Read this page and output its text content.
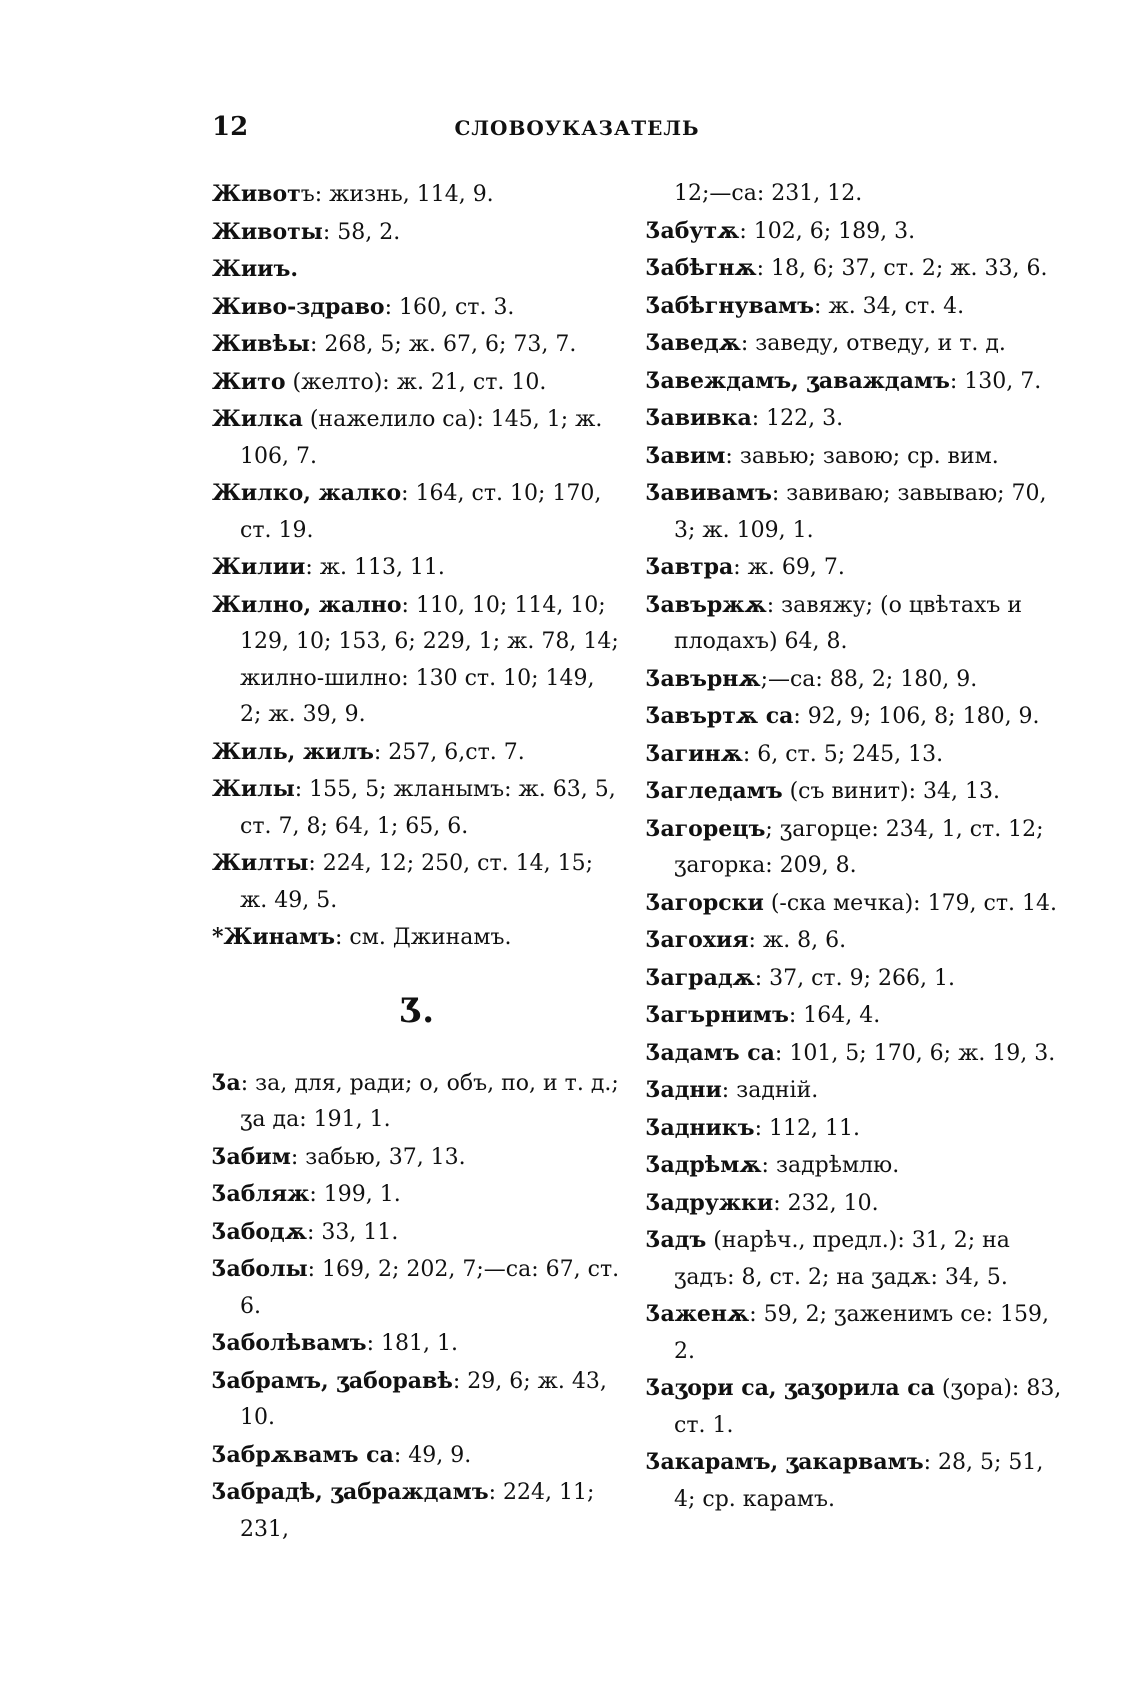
12	СЛОВОУКАЗАТЕЛЬ

Животъ: жизнь, 114, 9.

Животы: 58, 2.

Жииъ.

Живо-здраво: 160, ст. 3.

Живѣы: 268, 5; ж. 67, 6; 73, 7.

Жито (желто): ж. 21, ст. 10.

Жилка (нажелило са): 145, 1; ж. 106, 7.

Жилко, жалко: 164, ст. 10; 170, ст. 19.

Жилии: ж. 113, 11.

Жилно, жално: 110, 10; 114, 10; 129, 10; 153, 6; 229, 1; ж. 78, 14; жилно-шилно: 130 ст. 10; 149, 2; ж. 39, 9.

Жиль, жилъ: 257, 6,ст. 7.

Жилы: 155, 5; жланымъ: ж. 63, 5, ст. 7, 8; 64, 1; 65, 6.

Жилты: 224, 12; 250, ст. 14, 15; ж. 49, 5.

*Жинамъ: см. Джинамъ.

Ʒ.

Ʒа: за, для, ради; о, объ, по, и т. д.; ʒа да: 191, 1.

Ʒабим: забью, 37, 13.

Ʒабляж: 199, 1.

Ʒабодѫ: 33, 11.

Ʒаболы: 169, 2; 202, 7;—са: 67, ст. 6.

Ʒаболѣвамъ: 181, 1.

Ʒабрамъ, ʒаборавѣ: 29, 6; ж. 43, 10.

Ʒабрѫвамъ са: 49, 9.

Ʒабрадѣ, ʒабраждамъ: 224, 11; 231,

12;—са: 231, 12.

Ʒабутѫ: 102, 6; 189, 3.

Ʒабѣгнѫ: 18, 6; 37, ст. 2; ж. 33, 6.

Ʒабѣгнувамъ: ж. 34, ст. 4.

Ʒаведѫ: заведу, отведу, и т. д.

Ʒавеждамъ, ʒаваждамъ: 130, 7.

Ʒавивка: 122, 3.

Ʒавим: завью; завою; ср. вим.

Ʒавивамъ: завиваю; завываю; 70, 3; ж. 109, 1.

Ʒавтра: ж. 69, 7.

Ʒавържѫ: завяжу; (о цвѣтахъ и плодахъ) 64, 8.

Ʒавърнѫ;—са: 88, 2; 180, 9.

Ʒавъртѫ са: 92, 9; 106, 8; 180, 9.

Ʒагинѫ: 6, ст. 5; 245, 13.

Ʒагледамъ (съ винит): 34, 13.

Ʒагорецъ; ʒагорце: 234, 1, ст. 12; ʒагорка: 209, 8.

Ʒагорски (-ска мечка): 179, ст. 14.

Ʒагохия: ж. 8, 6.

Ʒаградѫ: 37, ст. 9; 266, 1.

Ʒагърнимъ: 164, 4.

Ʒадамъ са: 101, 5; 170, 6; ж. 19, 3.

Ʒадни: задній.

Ʒадникъ: 112, 11.

Ʒадрѣмѫ: задрѣмлю.

Ʒадружки: 232, 10.

Ʒадъ (нарѣч., предл.): 31, 2; на ʒадъ: 8, ст. 2; на ʒадѫ: 34, 5.

Ʒаженѫ: 59, 2; ʒаженимъ се: 159, 2.

Ʒаʒори са, ʒаʒорила са (ʒора): 83, ст. 1.

Ʒакарамъ, ʒакарвамъ: 28, 5; 51, 4; ср. карамъ.
